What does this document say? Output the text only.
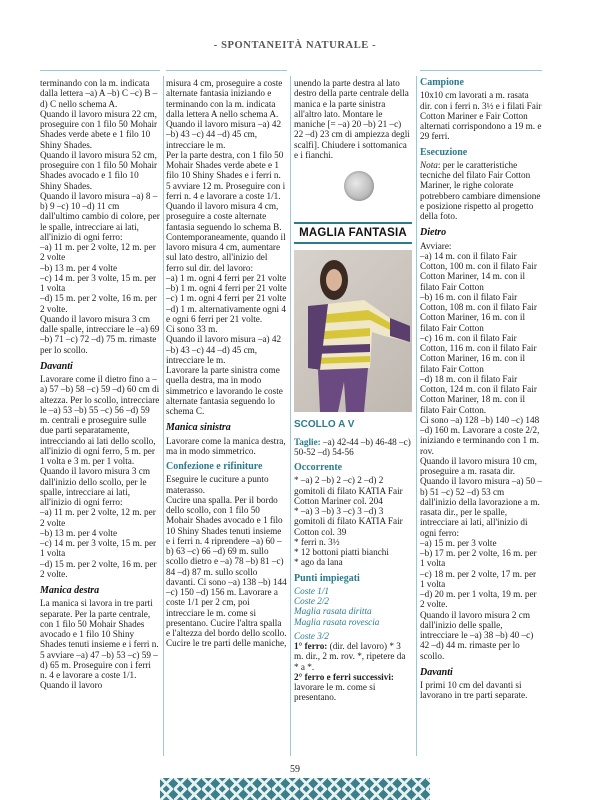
- SPONTANEITÀ NATURALE -

terminando con la m. indicata dalla lettera –a) A –b) C –c) B –d) C nello schema A.

Quando il lavoro misura 22 cm, proseguire con 1 filo 50 Mohair Shades verde abete e 1 filo 10 Shiny Shades.

Quando il lavoro misura 52 cm, proseguire con 1 filo 50 Mohair Shades avocado e 1 filo 10 Shiny Shades.

Quando il lavoro misura –a) 8 –b) 9 –c) 10 –d) 11 cm dall'ultimo cambio di colore, per le spalle, intrecciare ai lati, all'inizio di ogni ferro:

–a) 11 m. per 2 volte, 12 m. per 2 volte

–b) 13 m. per 4 volte

–c) 14 m. per 3 volte, 15 m. per 1 volta

–d) 15 m. per 2 volte, 16 m. per 2 volte.

Quando il lavoro misura 3 cm dalle spalle, intrecciare le –a) 69 –b) 71 –c) 72 –d) 75 m. rimaste per lo scollo.

Davanti

Lavorare come il dietro fino a –a) 57 –b) 58 –c) 59 –d) 60 cm di altezza. Per lo scollo, intrecciare le –a) 53 –b) 55 –c) 56 –d) 59 m. centrali e proseguire sulle due parti separatamente, intrecciando ai lati dello scollo, all'inizio di ogni ferro, 5 m. per 1 volta e 3 m. per 1 volta.

Quando il lavoro misura 3 cm dall'inizio dello scollo, per le spalle, intrecciare ai lati, all'inizio di ogni ferro:

–a) 11 m. per 2 volte, 12 m. per 2 volte

–b) 13 m. per 4 volte

–c) 14 m. per 3 volte, 15 m. per 1 volta

–d) 15 m. per 2 volte, 16 m. per 2 volte.

Manica destra

La manica si lavora in tre parti separate. Per la parte centrale, con 1 filo 50 Mohair Shades avocado e 1 filo 10 Shiny Shades tenuti insieme e i ferri n. 5 avviare –a) 47 –b) 53 –c) 59 –d) 65 m. Proseguire con i ferri n. 4 e lavorare a coste 1/1. Quando il lavoro

misura 4 cm, proseguire a coste alternate fantasia iniziando e terminando con la m. indicata dalla lettera A nello schema A. Quando il lavoro misura –a) 42 –b) 43 –c) 44 –d) 45 cm, intrecciare le m.

Per la parte destra, con 1 filo 50 Mohair Shades verde abete e 1 filo 10 Shiny Shades e i ferri n. 5 avviare 12 m. Proseguire con i ferri n. 4 e lavorare a coste 1/1. Quando il lavoro misura 4 cm, proseguire a coste alternate fantasia seguendo lo schema B. Contemporaneamente, quando il lavoro misura 4 cm, aumentare sul lato destro, all'inizio del ferro sul dir. del lavoro:

–a) 1 m. ogni 4 ferri per 21 volte

–b) 1 m. ogni 4 ferri per 21 volte

–c) 1 m. ogni 4 ferri per 21 volte

–d) 1 m. alternativamente ogni 4 e ogni 6 ferri per 21 volte.

Ci sono 33 m.

Quando il lavoro misura –a) 42 –b) 43 –c) 44 –d) 45 cm, intrecciare le m.

Lavorare la parte sinistra come quella destra, ma in modo simmetrico e lavorando le coste alternate fantasia seguendo lo schema C.

Manica sinistra

Lavorare come la manica destra, ma in modo simmetrico.

Confezione e rifiniture

Eseguire le cuciture a punto materasso.

Cucire una spalla. Per il bordo dello scollo, con 1 filo 50 Mohair Shades avocado e 1 filo 10 Shiny Shades tenuti insieme e i ferri n. 4 riprendere –a) 60 –b) 63 –c) 66 –d) 69 m. sullo scollo dietro e –a) 78 –b) 81 –c) 84 –d) 87 m. sullo scollo davanti. Ci sono –a) 138 –b) 144 –c) 150 –d) 156 m. Lavorare a coste 1/1 per 2 cm, poi intrecciare le m. come si presentano. Cucire l'altra spalla e l'altezza del bordo dello scollo.

Cucire le tre parti delle maniche,

unendo la parte destra al lato destro della parte centrale della manica e la parte sinistra all'altro lato. Montare le maniche [= –a) 20 –b) 21 –c) 22 –d) 23 cm di ampiezza degli scalfi]. Chiudere i sottomanica e i fianchi.

MAGLIA FANTASIA
SCOLLO A V

Taglie: –a) 42-44 –b) 46-48 –c) 50-52 –d) 54-56

Occorrente

* –a) 2 –b) 2 –c) 2 –d) 2 gomitoli di filato KATIA Fair Cotton Mariner col. 204

* –a) 3 –b) 3 –c) 3 –d) 3 gomitoli di filato KATIA Fair Cotton col. 39

* ferri n. 3½

* 12 bottoni piatti bianchi

* ago da lana

Punti impiegati

Coste 1/1

Coste 2/2

Maglia rasata diritta

Maglia rasata rovescia

Coste 3/2

1° ferro: (dir. del lavoro) * 3 m. dir., 2 m. rov. *, ripetere da * a *.

2° ferro e ferri successivi: lavorare le m. come si presentano.

Campione

10x10 cm lavorati a m. rasata dir. con i ferri n. 3½ e i filati Fair Cotton Mariner e Fair Cotton alternati corrispondono a 19 m. e 29 ferri.

Esecuzione

Nota: per le caratteristiche tecniche del filato Fair Cotton Mariner, le righe colorate potrebbero cambiare dimensione e posizione rispetto al progetto della foto.

Dietro

Avviare:

–a) 14 m. con il filato Fair Cotton, 100 m. con il filato Fair Cotton Mariner, 14 m. con il filato Fair Cotton

–b) 16 m. con il filato Fair Cotton, 108 m. con il filato Fair Cotton Mariner, 16 m. con il filato Fair Cotton

–c) 16 m. con il filato Fair Cotton, 116 m. con il filato Fair Cotton Mariner, 16 m. con il filato Fair Cotton

–d) 18 m. con il filato Fair Cotton, 124 m. con il filato Fair Cotton Mariner, 18 m. con il filato Fair Cotton.

Ci sono –a) 128 –b) 140 –c) 148 –d) 160 m. Lavorare a coste 2/2, iniziando e terminando con 1 m. rov.

Quando il lavoro misura 10 cm, proseguire a m. rasata dir.

Quando il lavoro misura –a) 50 –b) 51 –c) 52 –d) 53 cm dall'inizio della lavorazione a m. rasata dir., per le spalle, intrecciare ai lati, all'inizio di ogni ferro:

–a) 15 m. per 3 volte

–b) 17 m. per 2 volte, 16 m. per 1 volta

–c) 18 m. per 2 volte, 17 m. per 1 volta

–d) 20 m. per 1 volta, 19 m. per 2 volte.

Quando il lavoro misura 2 cm dall'inizio delle spalle, intrecciare le –a) 38 –b) 40 –c) 42 –d) 44 m. rimaste per lo scollo.

Davanti

I primi 10 cm del davanti si lavorano in tre parti separate.

59
